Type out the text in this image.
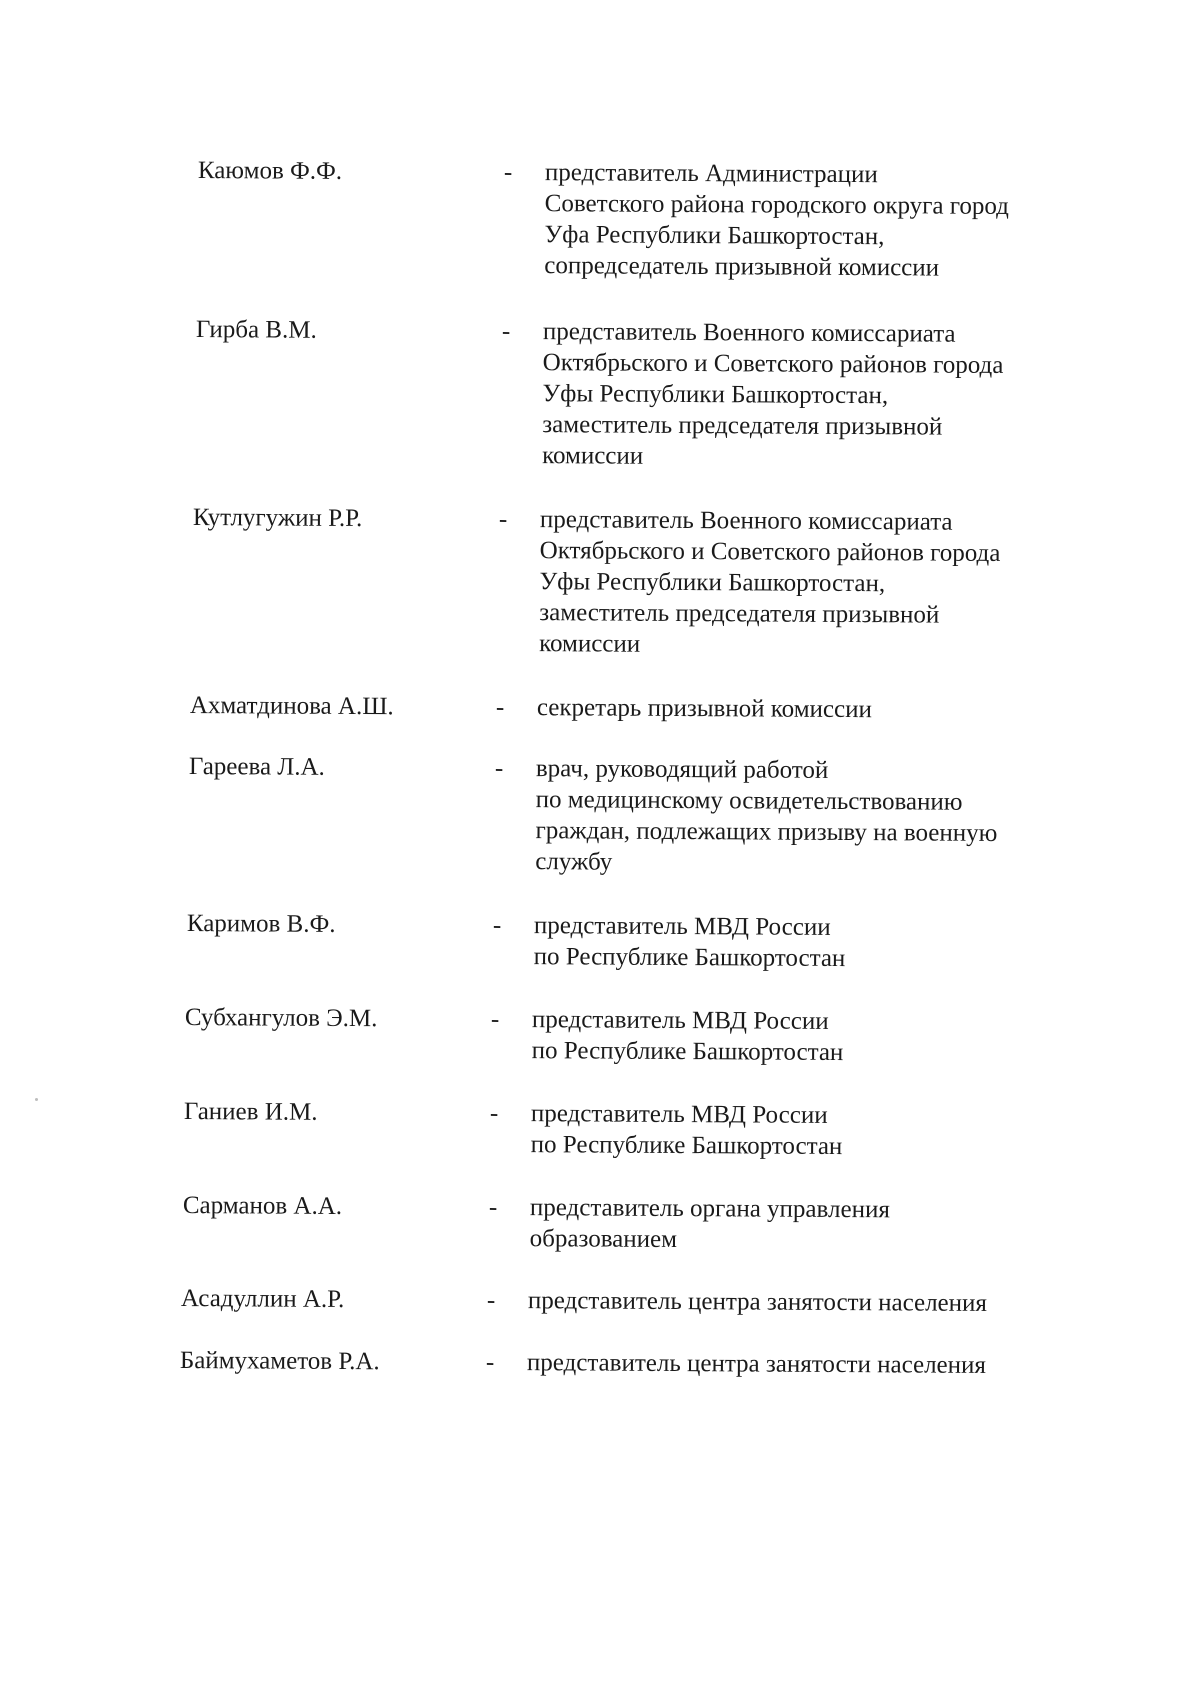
Каюмов Ф.Ф.	- представитель Администрации
Советского района городского округа город
Уфа Республики Башкортостан,
сопредседатель призывной комиссии
Гирба В.М.	- представитель Военного комиссариата
Октябрьского и Советского районов города
Уфы Республики Башкортостан,
заместитель председателя призывной
комиссии
Кутлугужин Р.Р.	- представитель Военного комиссариата
Октябрьского и Советского районов города
Уфы Республики Башкортостан,
заместитель председателя призывной
комиссии
Ахматдинова А.Ш.	- секретарь призывной комиссии
Гареева Л.А.	- врач, руководящий работой
по медицинскому освидетельствованию
граждан, подлежащих призыву на военную
службу
Каримов В.Ф.	- представитель МВД России
по Республике Башкортостан
Субхангулов Э.М.	- представитель МВД России
по Республике Башкортостан
Ганиев И.М.	- представитель МВД России
по Республике Башкортостан
Сарманов А.А.	- представитель органа управления
образованием
Асадуллин А.Р.	- представитель центра занятости населения
Баймухаметов Р.А.	- представитель центра занятости населения
